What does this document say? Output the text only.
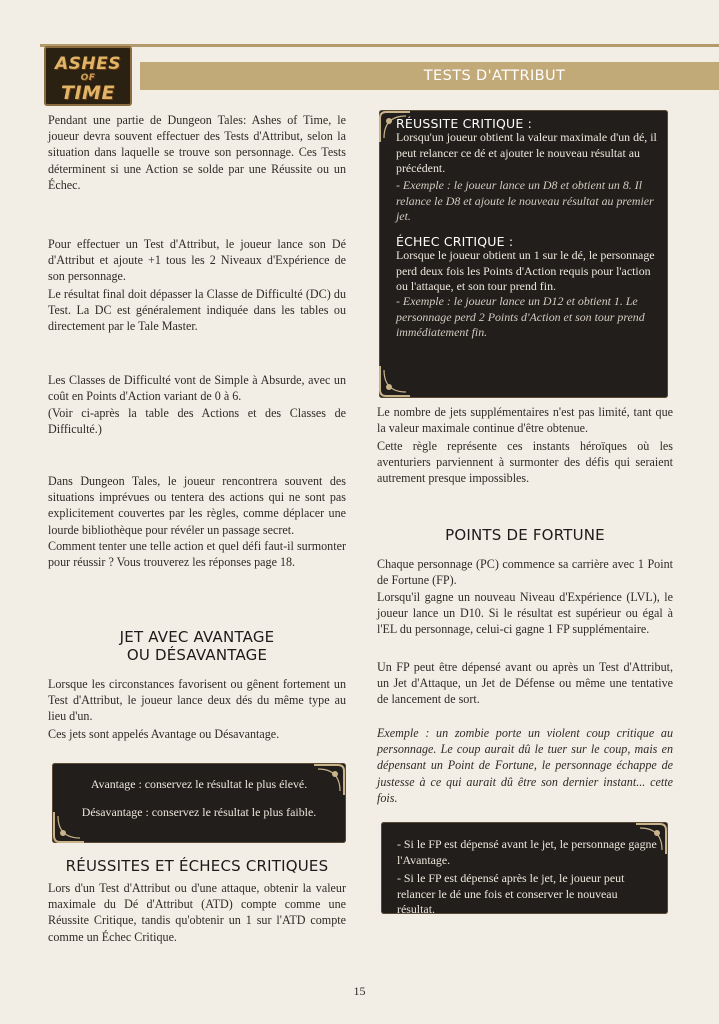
TESTS D'ATTRIBUT
ASHES
OF
TIME

Pendant une partie de Dungeon Tales: Ashes of Time, le joueur devra souvent effectuer des Tests d'Attribut, selon la situation dans laquelle se trouve son personnage. Ces Tests déterminent si une Action se solde par une Réussite ou un Échec.

Pour effectuer un Test d'Attribut, le joueur lance son Dé d'Attribut et ajoute +1 tous les 2 Niveaux d'Expérience de son personnage.

Le résultat final doit dépasser la Classe de Difficulté (DC) du Test. La DC est généralement indiquée dans les tables ou directement par le Tale Master.

Les Classes de Difficulté vont de Simple à Absurde, avec un coût en Points d'Action variant de 0 à 6.

(Voir ci-après la table des Actions et des Classes de Difficulté.)

Dans Dungeon Tales, le joueur rencontrera souvent des situations imprévues ou tentera des actions qui ne sont pas explicitement couvertes par les règles, comme déplacer une lourde bibliothèque pour révéler un passage secret.

Comment tenter une telle action et quel défi faut-il surmonter pour réussir ? Vous trouverez les réponses page 18.

JET AVEC AVANTAGE
OU DÉSAVANTAGE

Lorsque les circonstances favorisent ou gênent fortement un Test d'Attribut, le joueur lance deux dés du même type au lieu d'un.

Ces jets sont appelés Avantage ou Désavantage.

Avantage : conservez le résultat le plus élevé.
Désavantage : conservez le résultat le plus faible.
RÉUSSITES ET ÉCHECS CRITIQUES

Lors d'un Test d'Attribut ou d'une attaque, obtenir la valeur maximale du Dé d'Attribut (ATD) compte comme une Réussite Critique, tandis qu'obtenir un 1 sur l'ATD compte comme un Échec Critique.

RÉUSSITE CRITIQUE :

Lorsqu'un joueur obtient la valeur maximale d'un dé, il peut relancer ce dé et ajouter le nouveau résultat au précédent.

- Exemple : le joueur lance un D8 et obtient un 8. Il relance le D8 et ajoute le nouveau résultat au premier jet.

ÉCHEC CRITIQUE :

Lorsque le joueur obtient un 1 sur le dé, le personnage perd deux fois les Points d'Action requis pour l'action ou l'attaque, et son tour prend fin.

- Exemple : le joueur lance un D12 et obtient 1. Le personnage perd 2 Points d'Action et son tour prend immédiatement fin.

Le nombre de jets supplémentaires n'est pas limité, tant que la valeur maximale continue d'être obtenue.

Cette règle représente ces instants héroïques où les aventuriers parviennent à surmonter des défis qui seraient autrement presque impossibles.

POINTS DE FORTUNE

Chaque personnage (PC) commence sa carrière avec 1 Point de Fortune (FP).

Lorsqu'il gagne un nouveau Niveau d'Expérience (LVL), le joueur lance un D10. Si le résultat est supérieur ou égal à l'EL du personnage, celui-ci gagne 1 FP supplémentaire.

Un FP peut être dépensé avant ou après un Test d'Attribut, un Jet d'Attaque, un Jet de Défense ou même une tentative de lancement de sort.

Exemple : un zombie porte un violent coup critique au personnage. Le coup aurait dû le tuer sur le coup, mais en dépensant un Point de Fortune, le personnage échappe de justesse à ce qui aurait dû être son dernier instant... cette fois.

- Si le FP est dépensé avant le jet, le personnage gagne l'Avantage.

- Si le FP est dépensé après le jet, le joueur peut relancer le dé une fois et conserver le nouveau résultat.

15
